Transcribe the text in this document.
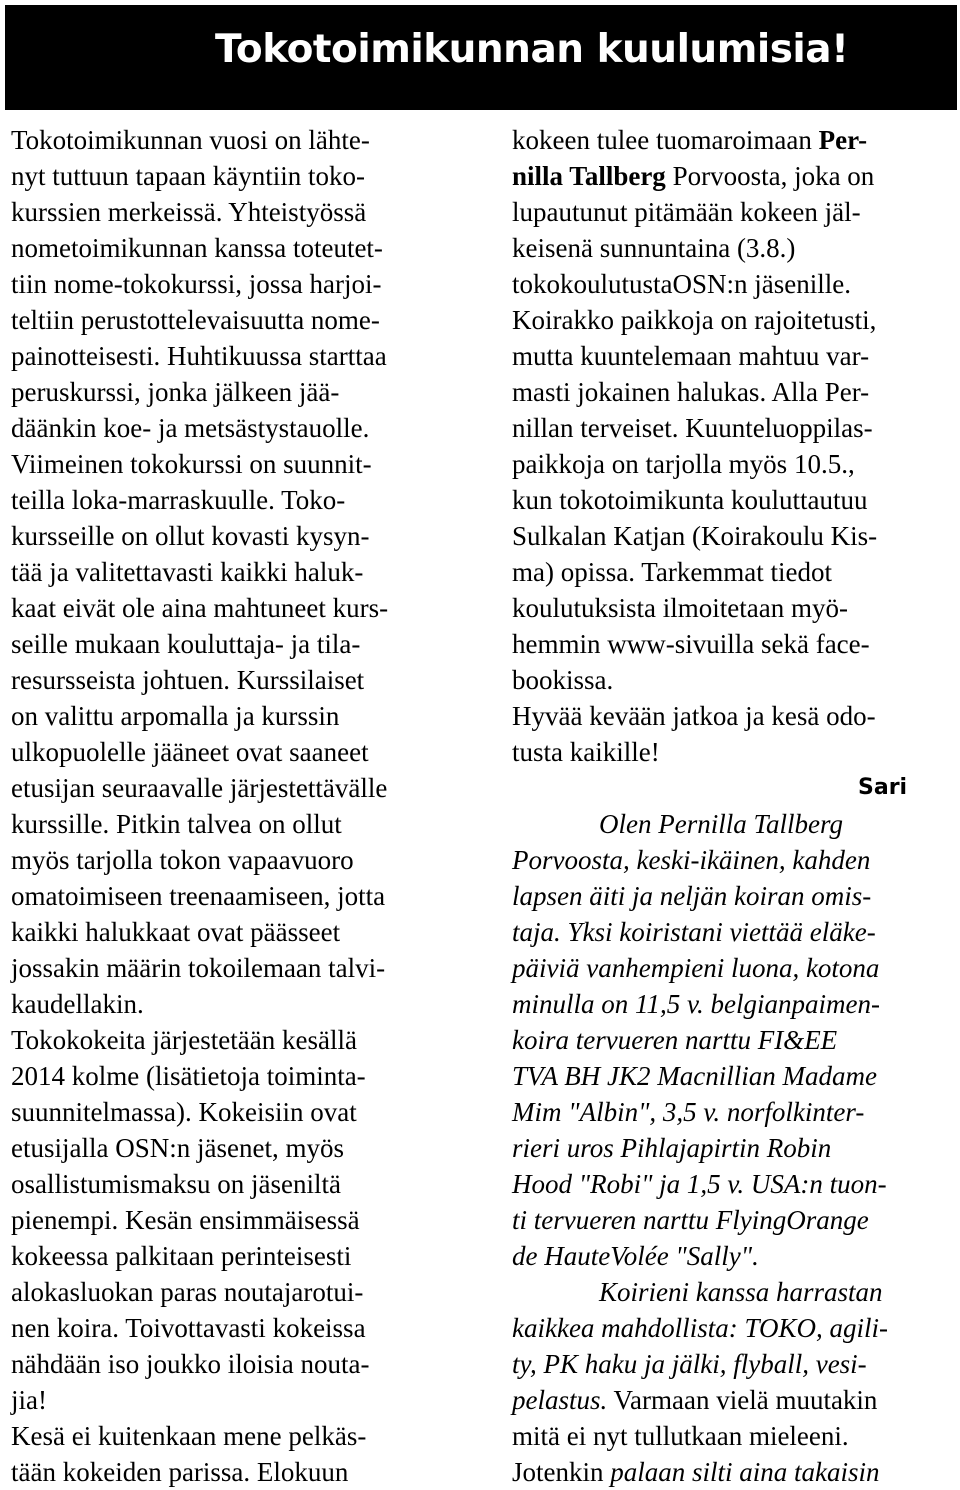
Tokotoimikunnan kuulumisia!
Tokotoimikunnan vuosi on lähte-
nyt tuttuun tapaan käyntiin toko-
kurssien merkeissä. Yhteistyössä
nometoimikunnan kanssa toteutet-
tiin nome-tokokurssi, jossa harjoi-
teltiin perustottelevaisuutta nome-
painotteisesti. Huhtikuussa starttaa
peruskurssi, jonka jälkeen jää-
däänkin koe- ja metsästystauolle.
Viimeinen tokokurssi on suunnit-
teilla loka-marraskuulle. Toko-
kursseille on ollut kovasti kysyn-
tää ja valitettavasti kaikki haluk-
kaat eivät ole aina mahtuneet kurs-
seille mukaan kouluttaja- ja tila-
resursseista johtuen. Kurssilaiset
on valittu arpomalla ja kurssin
ulkopuolelle jääneet ovat saaneet
etusijan seuraavalle järjestettävälle
kurssille. Pitkin talvea on ollut
myös tarjolla tokon vapaavuoro
omatoimiseen treenaamiseen, jotta
kaikki halukkaat ovat päässeet
jossakin määrin tokoilemaan talvi-
kaudellakin.
Tokokokeita järjestetään kesällä
2014 kolme (lisätietoja toiminta-
suunnitelmassa). Kokeisiin ovat
etusijalla OSN:n jäsenet, myös
osallistumismaksu on jäseniltä
pienempi. Kesän ensimmäisessä
kokeessa palkitaan perinteisesti
alokasluokan paras noutajarotui-
nen koira. Toivottavasti kokeissa
nähdään iso joukko iloisia nouta-
jia!
Kesä ei kuitenkaan mene pelkäs-
tään kokeiden parissa. Elokuun
kokeen tulee tuomaroimaan Per-
nilla Tallberg Porvoosta, joka on
lupautunut pitämään kokeen jäl-
keisenä sunnuntaina (3.8.)
tokokoulutustaOSN:n jäsenille.
Koirakko paikkoja on rajoitetusti,
mutta kuuntelemaan mahtuu var-
masti jokainen halukas. Alla Per-
nillan terveiset. Kuunteluoppilas-
paikkoja on tarjolla myös 10.5.,
kun tokotoimikunta kouluttautuu
Sulkalan Katjan (Koirakoulu Kis-
ma) opissa. Tarkemmat tiedot
koulutuksista ilmoitetaan myö-
hemmin www-sivuilla sekä face-
bookissa.
Hyvää kevään jatkoa ja kesä odo-
tusta kaikille!
Sari
Olen Pernilla Tallberg
Porvoosta, keski-ikäinen, kahden
lapsen äiti ja neljän koiran omis-
taja. Yksi koiristani viettää eläke-
päiviä vanhempieni luona, kotona
minulla on 11,5 v. belgianpaimen-
koira tervueren narttu FI&EE
TVA BH JK2 Macnillian Madame
Mim "Albin", 3,5 v. norfolkinter-
rieri uros Pihlajapirtin Robin
Hood "Robi" ja 1,5 v. USA:n tuon-
ti tervueren narttu FlyingOrange
de HauteVolée "Sally".
Koirieni kanssa harrastan
kaikkea mahdollista: TOKO, agili-
ty, PK haku ja jälki, flyball, vesi-
pelastus. Varmaan vielä muutakin
mitä ei nyt tullutkaan mieleeni.
Jotenkin palaan silti aina takaisin
